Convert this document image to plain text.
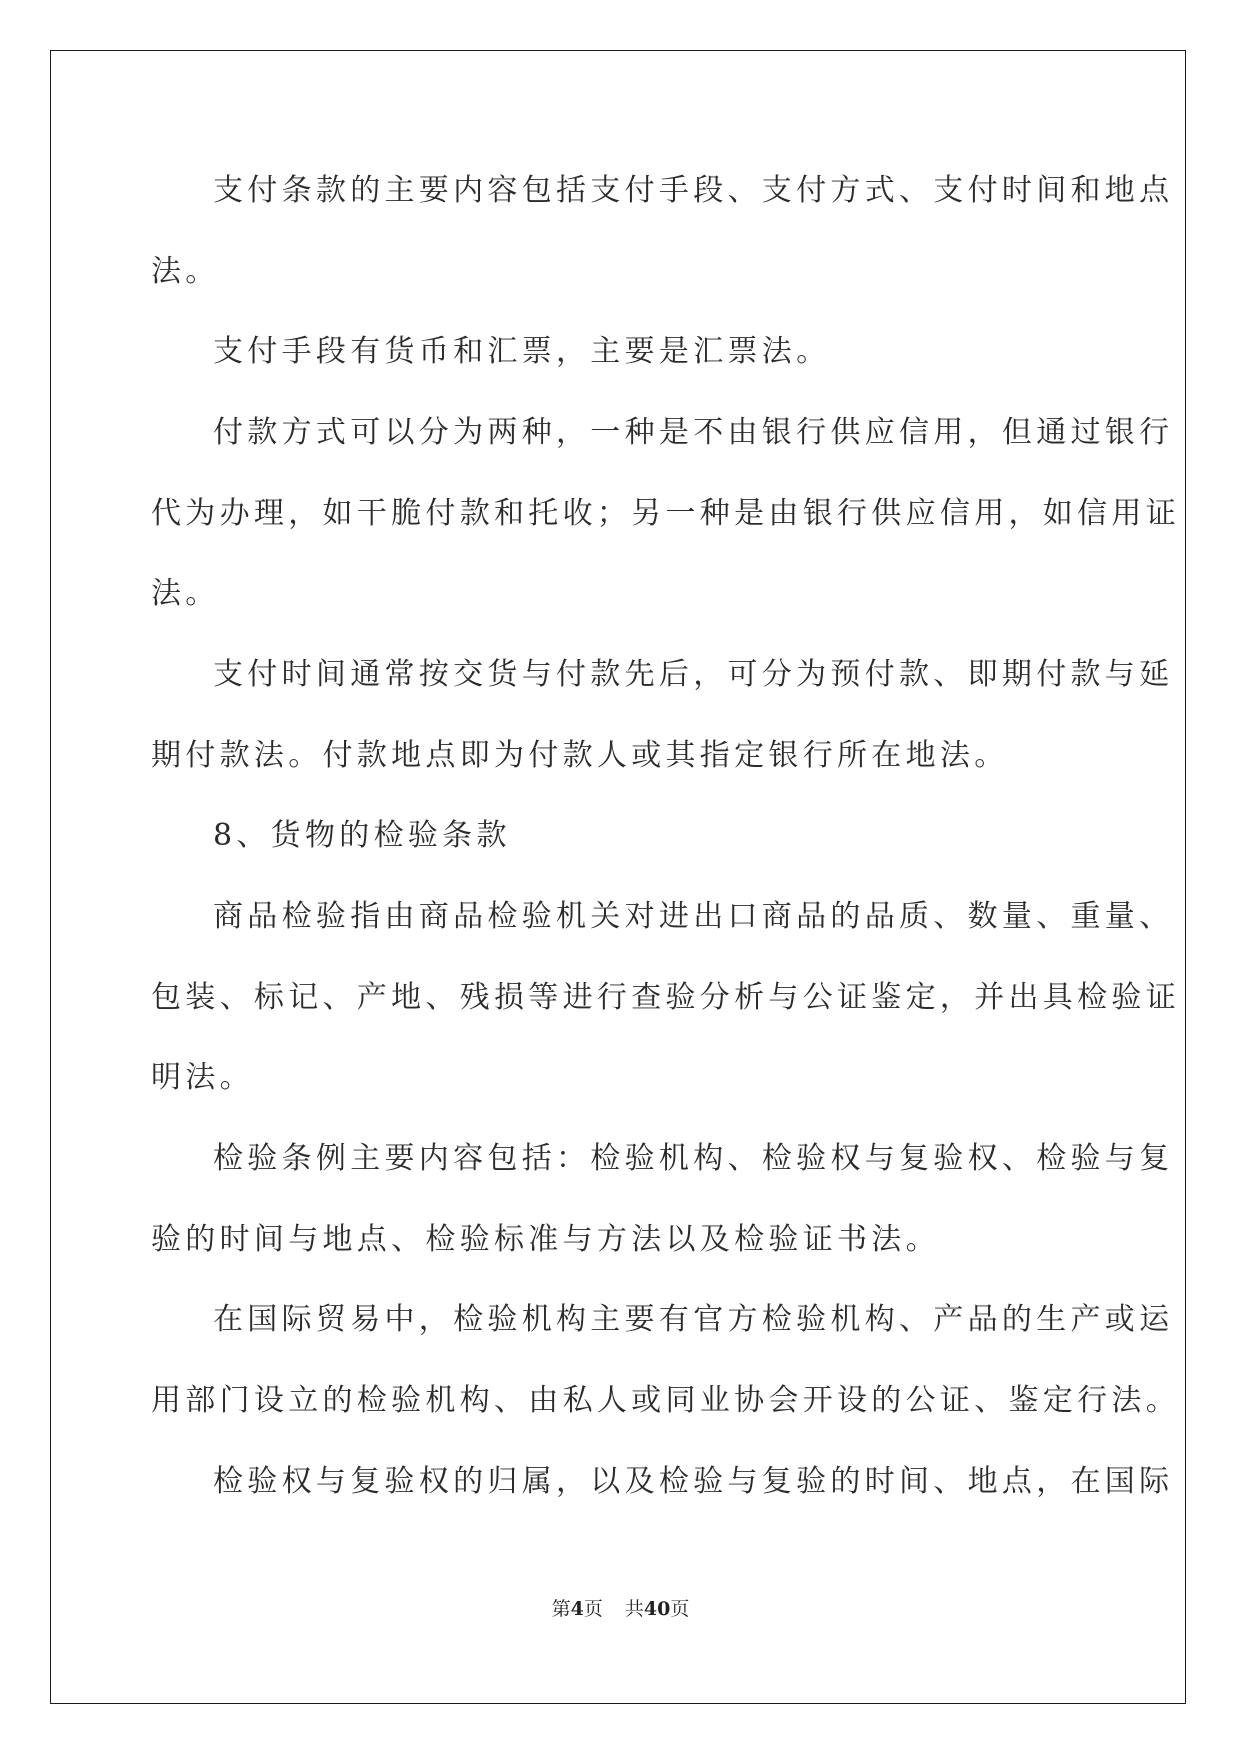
支付条款的主要内容包括支付手段、支付方式、支付时间和地点
法。
支付手段有货币和汇票，主要是汇票法。
付款方式可以分为两种，一种是不由银行供应信用，但通过银行
代为办理，如干脆付款和托收；另一种是由银行供应信用，如信用证
法。
支付时间通常按交货与付款先后，可分为预付款、即期付款与延
期付款法。付款地点即为付款人或其指定银行所在地法。
8、货物的检验条款
商品检验指由商品检验机关对进出口商品的品质、数量、重量、
包装、标记、产地、残损等进行查验分析与公证鉴定，并出具检验证
明法。
检验条例主要内容包括：检验机构、检验权与复验权、检验与复
验的时间与地点、检验标准与方法以及检验证书法。
在国际贸易中，检验机构主要有官方检验机构、产品的生产或运
用部门设立的检验机构、由私人或同业协会开设的公证、鉴定行法。
检验权与复验权的归属，以及检验与复验的时间、地点，在国际
第4页 共40页
